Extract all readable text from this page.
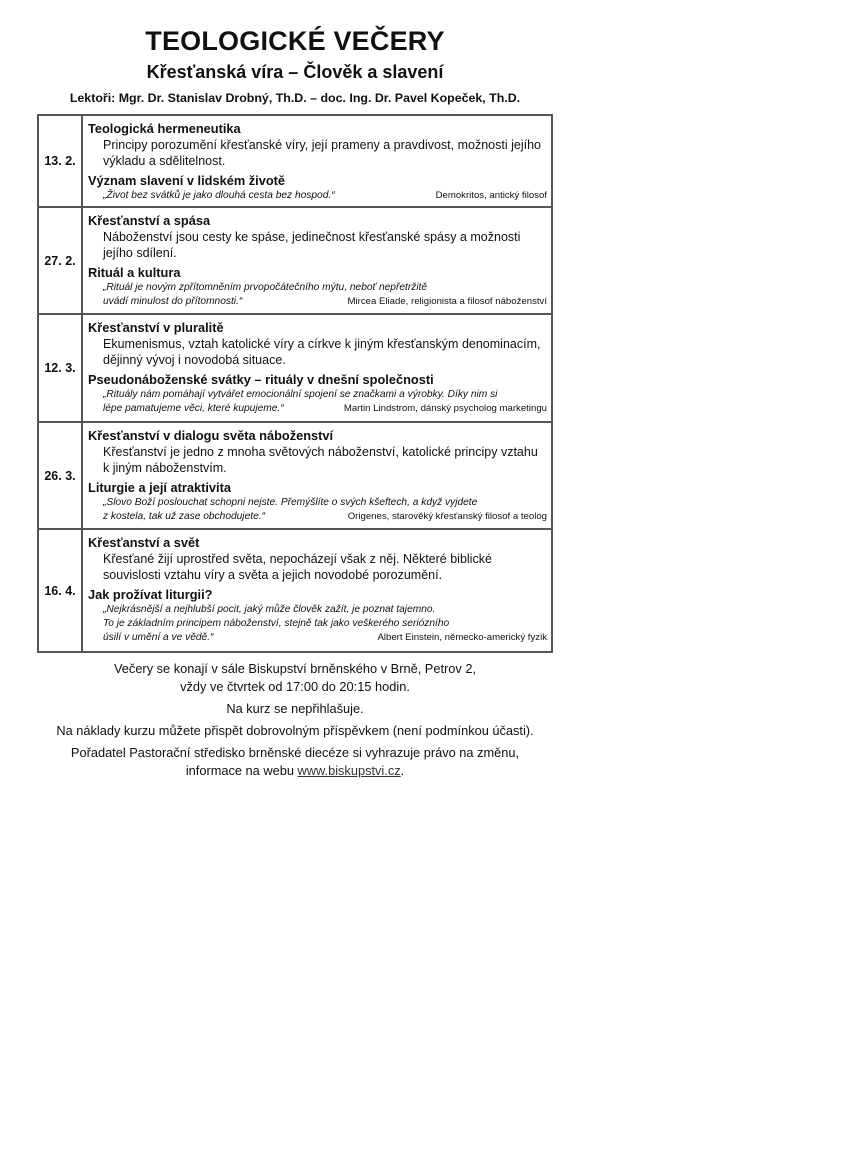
TEOLOGICKÉ VEČERY
Křesťanská víra – Člověk a slavení
Lektoři: Mgr. Dr. Stanislav Drobný, Th.D. – doc. Ing. Dr. Pavel Kopeček, Th.D.
13. 2.
Teologická hermeneutika
Principy porozumění křesťanské víry, její prameny a pravdivost, možnosti jejího výkladu a sdělitelnost.
Význam slavení v lidském životě
„Život bez svátků je jako dlouhá cesta bez hospod.“	Demokritos, antický filosof
27. 2.
Křesťanství a spása
Náboženství jsou cesty ke spáse, jedinečnost křesťanské spásy a možnosti jejího sdílení.
Rituál a kultura
„Rituál je novým zpřítomněním prvopočátečního mýtu, neboť nepřetržitě
uvádí minulost do přítomnosti.“	Mircea Eliade, religionista a filosof náboženství
12. 3.
Křesťanství v pluralitě
Ekumenismus, vztah katolické víry a církve k jiným křesťanským denominacím, dějinný vývoj i novodobá situace.
Pseudonáboženské svátky – rituály v dnešní společnosti
„Rituály nám pomáhají vytvářet emocionální spojení se značkami a výrobky. Díky nim si
lépe pamatujeme věci, které kupujeme.“	Martin Lindstrom, dánský psycholog marketingu
26. 3.
Křesťanství v dialogu světa náboženství
Křesťanství je jedno z mnoha světových náboženství, katolické principy vztahu k jiným náboženstvím.
Liturgie a její atraktivita
„Slovo Boží poslouchat schopni nejste. Přemýšlíte o svých kšeftech, a když vyjdete
z kostela, tak už zase obchodujete.“	Origenes, starověký křesťanský filosof a teolog
16. 4.
Křesťanství a svět
Křesťané žijí uprostřed světa, nepocházejí však z něj. Některé biblické souvislosti vztahu víry a světa a jejich novodobé porozumění.
Jak prožívat liturgii?
„Nejkrásnější a nejhlubší pocit, jaký může člověk zažít, je poznat tajemno.
To je základním principem náboženství, stejně tak jako veškerého seriózního
úsilí v umění a ve vědě.“	Albert Einstein, německo-americký fyzik
Večery se konají v sále Biskupství brněnského v Brně, Petrov 2,
vždy ve čtvrtek od 17:00 do 20:15 hodin.
Na kurz se nepřihlašuje.
Na náklady kurzu můžete přispět dobrovolným příspěvkem (není podmínkou účasti).
Pořadatel Pastorační středisko brněnské diecéze si vyhrazuje právo na změnu,
informace na webu www.biskupstvi.cz.
